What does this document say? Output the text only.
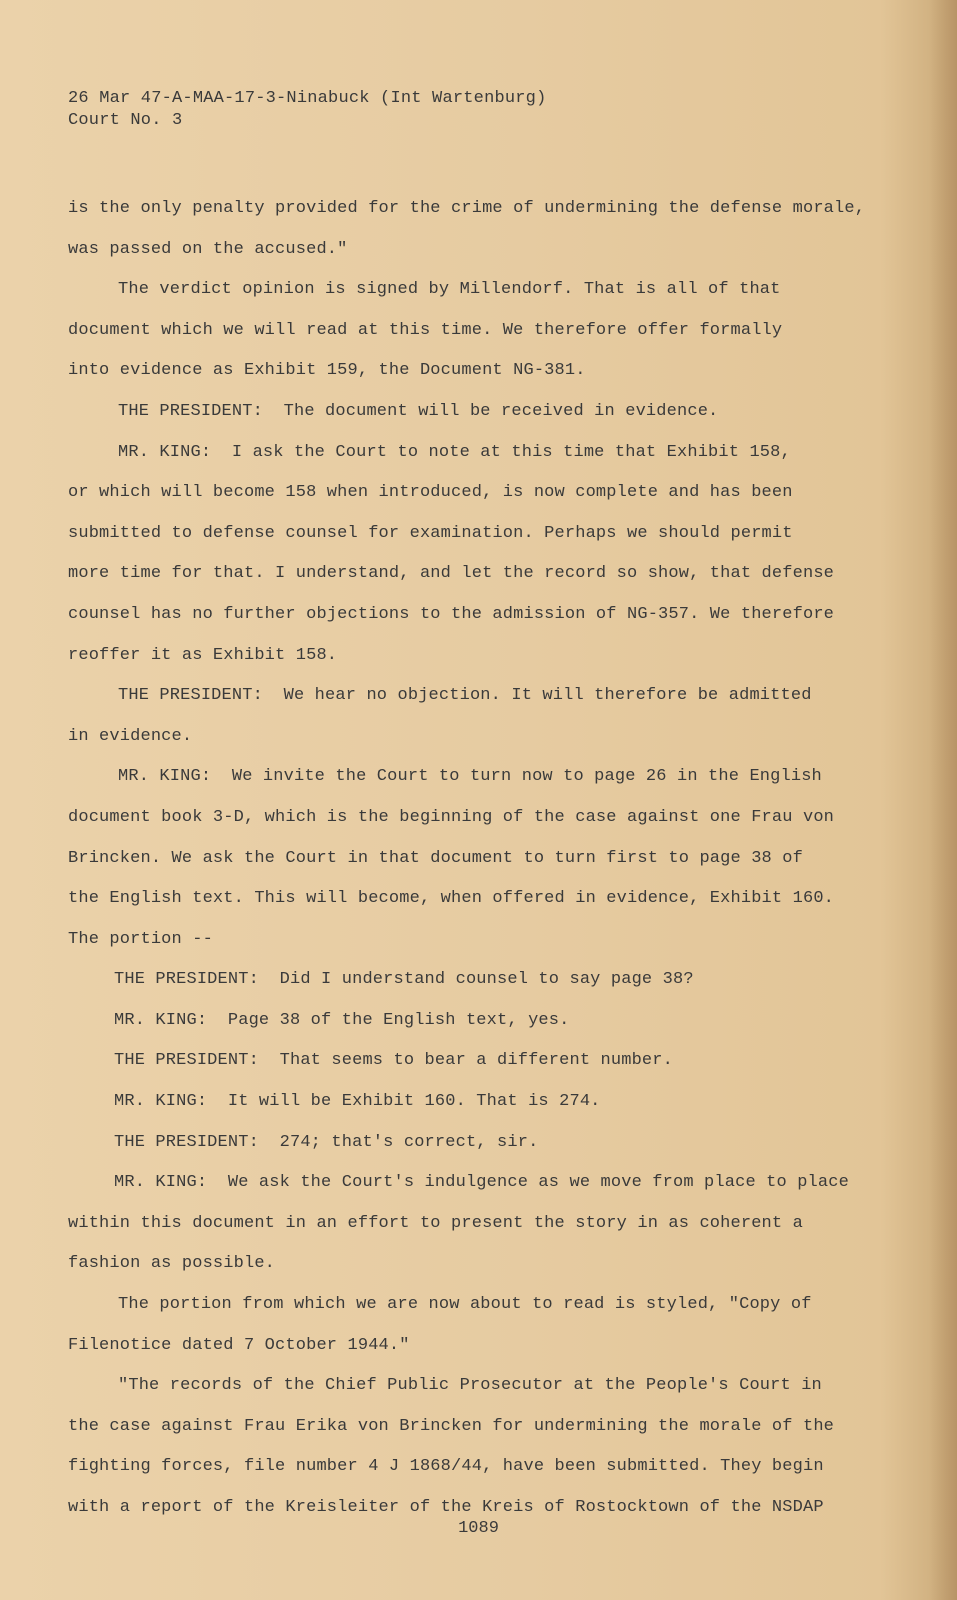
26 Mar 47-A-MAA-17-3-Ninabuck (Int Wartenburg)
Court No. 3
is the only penalty provided for the crime of undermining the defense morale,
was passed on the accused."
The verdict opinion is signed by Millendorf. That is all of that
document which we will read at this time. We therefore offer formally
into evidence as Exhibit 159, the Document NG-381.
THE PRESIDENT:  The document will be received in evidence.
MR. KING:  I ask the Court to note at this time that Exhibit 158,
or which will become 158 when introduced, is now complete and has been
submitted to defense counsel for examination. Perhaps we should permit
more time for that. I understand, and let the record so show, that defense
counsel has no further objections to the admission of NG-357. We therefore
reoffer it as Exhibit 158.
THE PRESIDENT:  We hear no objection. It will therefore be admitted
in evidence.
MR. KING:  We invite the Court to turn now to page 26 in the English
document book 3-D, which is the beginning of the case against one Frau von
Brincken. We ask the Court in that document to turn first to page 38 of
the English text. This will become, when offered in evidence, Exhibit 160.
The portion --
THE PRESIDENT:  Did I understand counsel to say page 38?
MR. KING:  Page 38 of the English text, yes.
THE PRESIDENT:  That seems to bear a different number.
MR. KING:  It will be Exhibit 160. That is 274.
THE PRESIDENT:  274; that's correct, sir.
MR. KING:  We ask the Court's indulgence as we move from place to place
within this document in an effort to present the story in as coherent a
fashion as possible.
The portion from which we are now about to read is styled, "Copy of
Filenotice dated 7 October 1944."
"The records of the Chief Public Prosecutor at the People's Court in
the case against Frau Erika von Brincken for undermining the morale of the
fighting forces, file number 4 J 1868/44, have been submitted. They begin
with a report of the Kreisleiter of the Kreis of Rostocktown of the NSDAP
1089
